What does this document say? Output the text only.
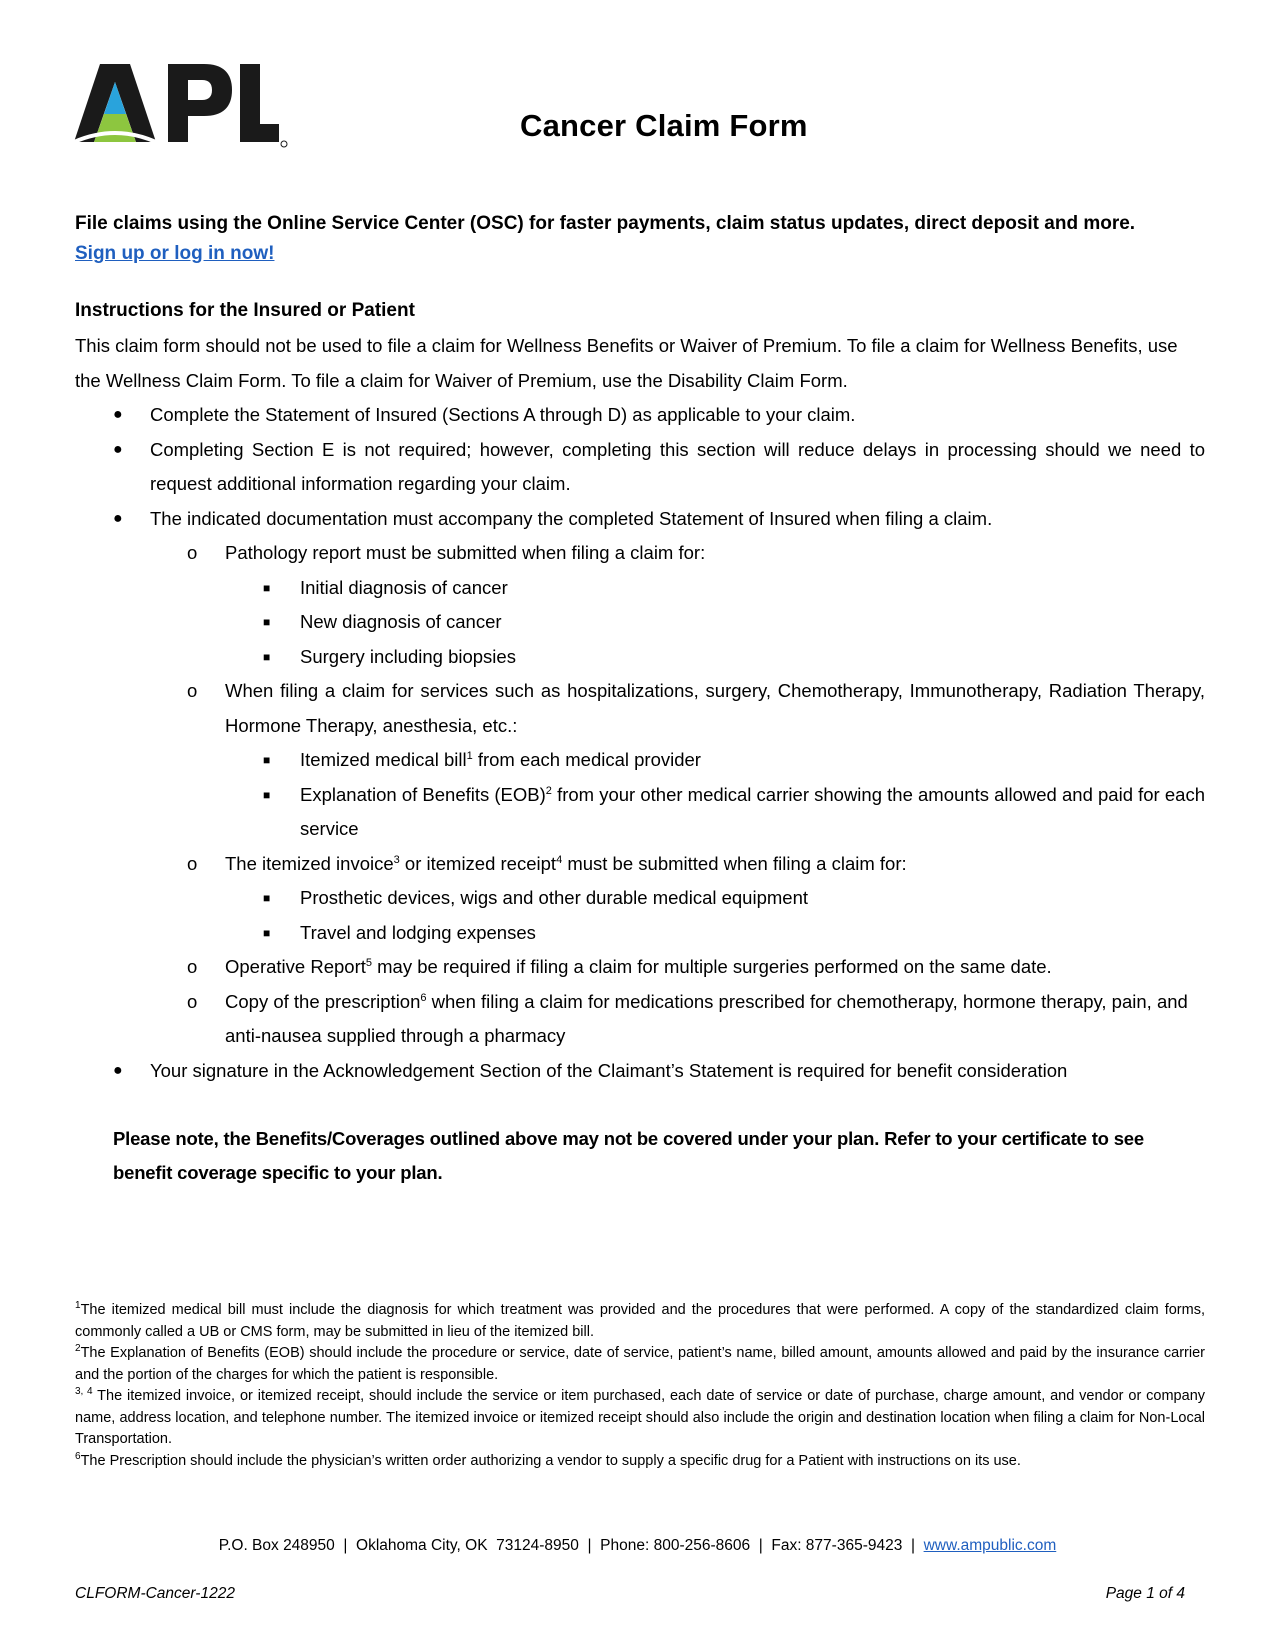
Cancer Claim Form
File claims using the Online Service Center (OSC) for faster payments, claim status updates, direct deposit and more.
Sign up or log in now!
Instructions for the Insured or Patient

This claim form should not be used to file a claim for Wellness Benefits or Waiver of Premium. To file a claim for Wellness Benefits, use the Wellness Claim Form. To file a claim for Waiver of Premium, use the Disability Claim Form.

● Complete the Statement of Insured (Sections A through D) as applicable to your claim.
● Completing Section E is not required; however, completing this section will reduce delays in processing should we need to request additional information regarding your claim.
● The indicated documentation must accompany the completed Statement of Insured when filing a claim.
o Pathology report must be submitted when filing a claim for:
■ Initial diagnosis of cancer
■ New diagnosis of cancer
■ Surgery including biopsies
o When filing a claim for services such as hospitalizations, surgery, Chemotherapy, Immunotherapy, Radiation Therapy, Hormone Therapy, anesthesia, etc.:
■ Itemized medical bill$^1$ from each medical provider
■ Explanation of Benefits (EOB)$^2$ from your other medical carrier showing the amounts allowed and paid for each service
o The itemized invoice$^3$ or itemized receipt$^4$ must be submitted when filing a claim for:
■ Prosthetic devices, wigs and other durable medical equipment
■ Travel and lodging expenses
o Operative Report$^5$ may be required if filing a claim for multiple surgeries performed on the same date.
o Copy of the prescription$^6$ when filing a claim for medications prescribed for chemotherapy, hormone therapy, pain, and anti-nausea supplied through a pharmacy
● Your signature in the Acknowledgement Section of the Claimant’s Statement is required for benefit consideration
Please note, the Benefits/Coverages outlined above may not be covered under your plan. Refer to your certificate to see benefit coverage specific to your plan.

$^1$The itemized medical bill must include the diagnosis for which treatment was provided and the procedures that were performed. A copy of the standardized claim forms, commonly called a UB or CMS form, may be submitted in lieu of the itemized bill.

$^2$The Explanation of Benefits (EOB) should include the procedure or service, date of service, patient’s name, billed amount, amounts allowed and paid by the insurance carrier and the portion of the charges for which the patient is responsible.

$^{3, 4}$ The itemized invoice, or itemized receipt, should include the service or item purchased, each date of service or date of purchase, charge amount, and vendor or company name, address location, and telephone number. The itemized invoice or itemized receipt should also include the origin and destination location when filing a claim for Non-Local Transportation.

$^6$The Prescription should include the physician’s written order authorizing a vendor to supply a specific drug for a Patient with instructions on its use.

P.O. Box 248950  |  Oklahoma City, OK  73124-8950  |  Phone: 800-256-8606  |  Fax: 877-365-9423  |  www.ampublic.com
CLFORM-Cancer-1222	Page 1 of 4
